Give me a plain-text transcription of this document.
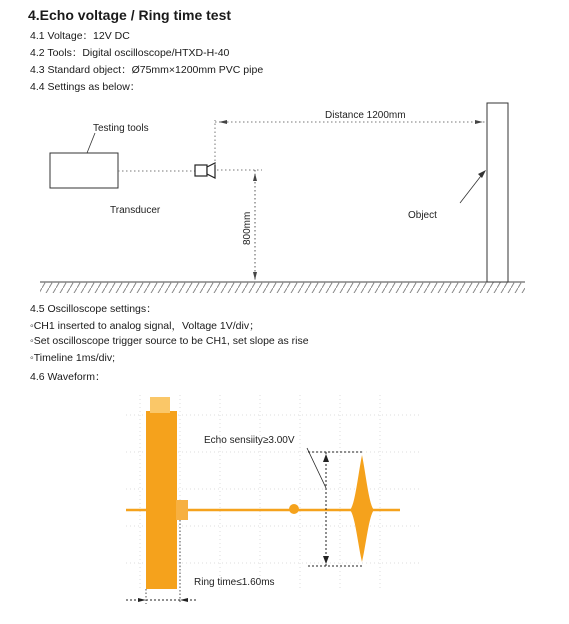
4.Echo voltage / Ring time test

4.1 Voltage：12V DC

4.2 Tools：Digital oscilloscope/HTXD-H-40

4.3 Standard object：Ø75mm×1200mm PVC pipe

4.4 Settings as below：

Testing tools
Transducer
Distance 1200mm
800mm	Object

4.5 Oscilloscope settings：

◦CH1 inserted to analog signal，Voltage 1V/div；

◦Set oscilloscope trigger source to be CH1, set slope as rise

◦Timeline 1ms/div;

4.6 Waveform：

Echo sensiity≥3.00V
Ring time≤1.60ms
